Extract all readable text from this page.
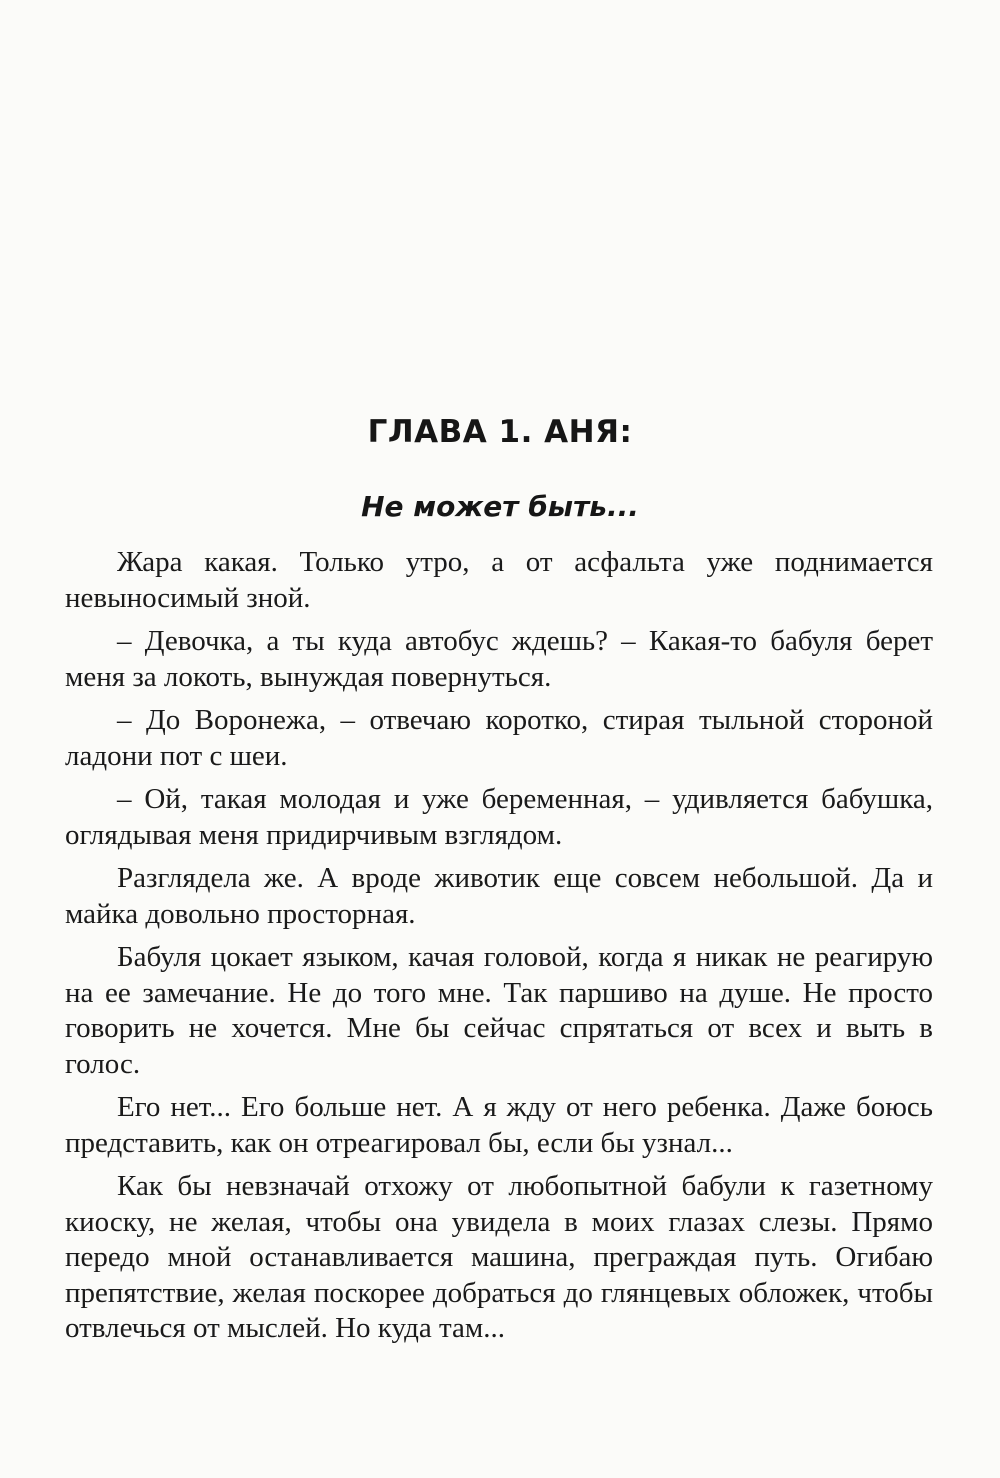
ГЛАВА 1. АНЯ:
Не может быть...

Жара какая. Только утро, а от асфальта уже поднимается невыносимый зной.

– Девочка, а ты куда автобус ждешь? – Какая-то бабуля берет меня за локоть, вынуждая повернуться.

– До Воронежа, – отвечаю коротко, стирая тыльной стороной ладони пот с шеи.

– Ой, такая молодая и уже беременная, – удивляется бабушка, оглядывая меня придирчивым взглядом.

Разглядела же. А вроде животик еще совсем небольшой. Да и майка довольно просторная.

Бабуля цокает языком, качая головой, когда я никак не реагирую на ее замечание. Не до того мне. Так паршиво на душе. Не просто говорить не хочется. Мне бы сейчас спрятаться от всех и выть в голос.

Его нет... Его больше нет. А я жду от него ребенка. Даже боюсь представить, как он отреагировал бы, если бы узнал...

Как бы невзначай отхожу от любопытной бабули к газетному киоску, не желая, чтобы она увидела в моих глазах слезы. Прямо передо мной останавливается машина, преграждая путь. Огибаю препятствие, желая поскорее добраться до глянцевых обложек, чтобы отвлечься от мыслей. Но куда там...
